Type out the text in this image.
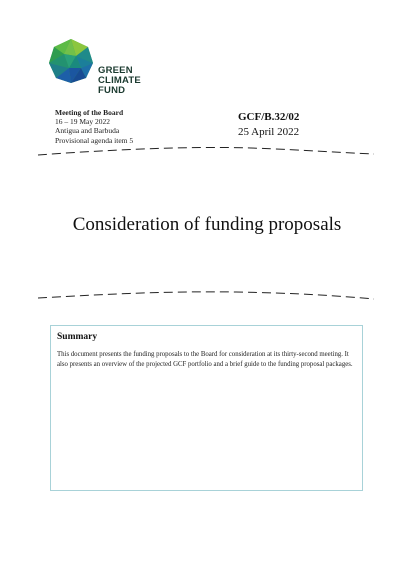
GREEN
CLIMATE
FUND
Meeting of the Board
16 – 19 May 2022
Antigua and Barbuda
Provisional agenda item 5
GCF/B.32/02
25 April 2022
Consideration of funding proposals
Summary
This document presents the funding proposals to the Board for consideration at its thirty-second meeting. It also presents an overview of the projected GCF portfolio and a brief guide to the funding proposal packages.
